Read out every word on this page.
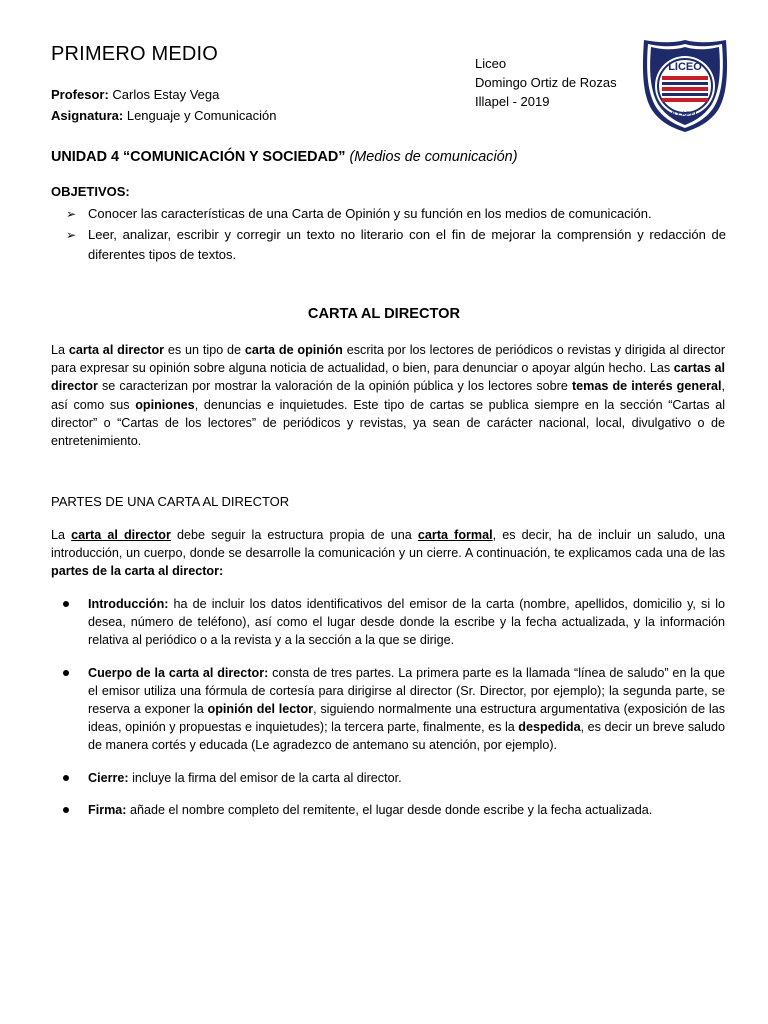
PRIMERO MEDIO
Profesor: Carlos Estay Vega
Asignatura: Lenguaje y Comunicación
Liceo
Domingo Ortiz de Rozas
Illapel - 2019
LICEO
ILLAPEL
UNIDAD 4 “COMUNICACIÓN Y SOCIEDAD” (Medios de comunicación)
OBJETIVOS:
➢ Conocer las características de una Carta de Opinión y su función en los medios de comunicación.
➢ Leer, analizar, escribir y corregir un texto no literario con el fin de mejorar la comprensión y redacción de diferentes tipos de textos.
CARTA AL DIRECTOR
La carta al director es un tipo de carta de opinión escrita por los lectores de periódicos o revistas y dirigida al director para expresar su opinión sobre alguna noticia de actualidad, o bien, para denunciar o apoyar algún hecho. Las cartas al director se caracterizan por mostrar la valoración de la opinión pública y los lectores sobre temas de interés general, así como sus opiniones, denuncias e inquietudes. Este tipo de cartas se publica siempre en la sección “Cartas al director” o “Cartas de los lectores” de periódicos y revistas, ya sean de carácter nacional, local, divulgativo o de entretenimiento.
PARTES DE UNA CARTA AL DIRECTOR
La carta al director debe seguir la estructura propia de una carta formal, es decir, ha de incluir un saludo, una introducción, un cuerpo, donde se desarrolle la comunicación y un cierre. A continuación, te explicamos cada una de las partes de la carta al director:
Introducción: ha de incluir los datos identificativos del emisor de la carta (nombre, apellidos, domicilio y, si lo desea, número de teléfono), así como el lugar desde donde la escribe y la fecha actualizada, y la información relativa al periódico o a la revista y a la sección a la que se dirige.
Cuerpo de la carta al director: consta de tres partes. La primera parte es la llamada “línea de saludo” en la que el emisor utiliza una fórmula de cortesía para dirigirse al director (Sr. Director, por ejemplo); la segunda parte, se reserva a exponer la opinión del lector, siguiendo normalmente una estructura argumentativa (exposición de las ideas, opinión y propuestas e inquietudes); la tercera parte, finalmente, es la despedida, es decir un breve saludo de manera cortés y educada (Le agradezco de antemano su atención, por ejemplo).
Cierre: incluye la firma del emisor de la carta al director.
Firma: añade el nombre completo del remitente, el lugar desde donde escribe y la fecha actualizada.
